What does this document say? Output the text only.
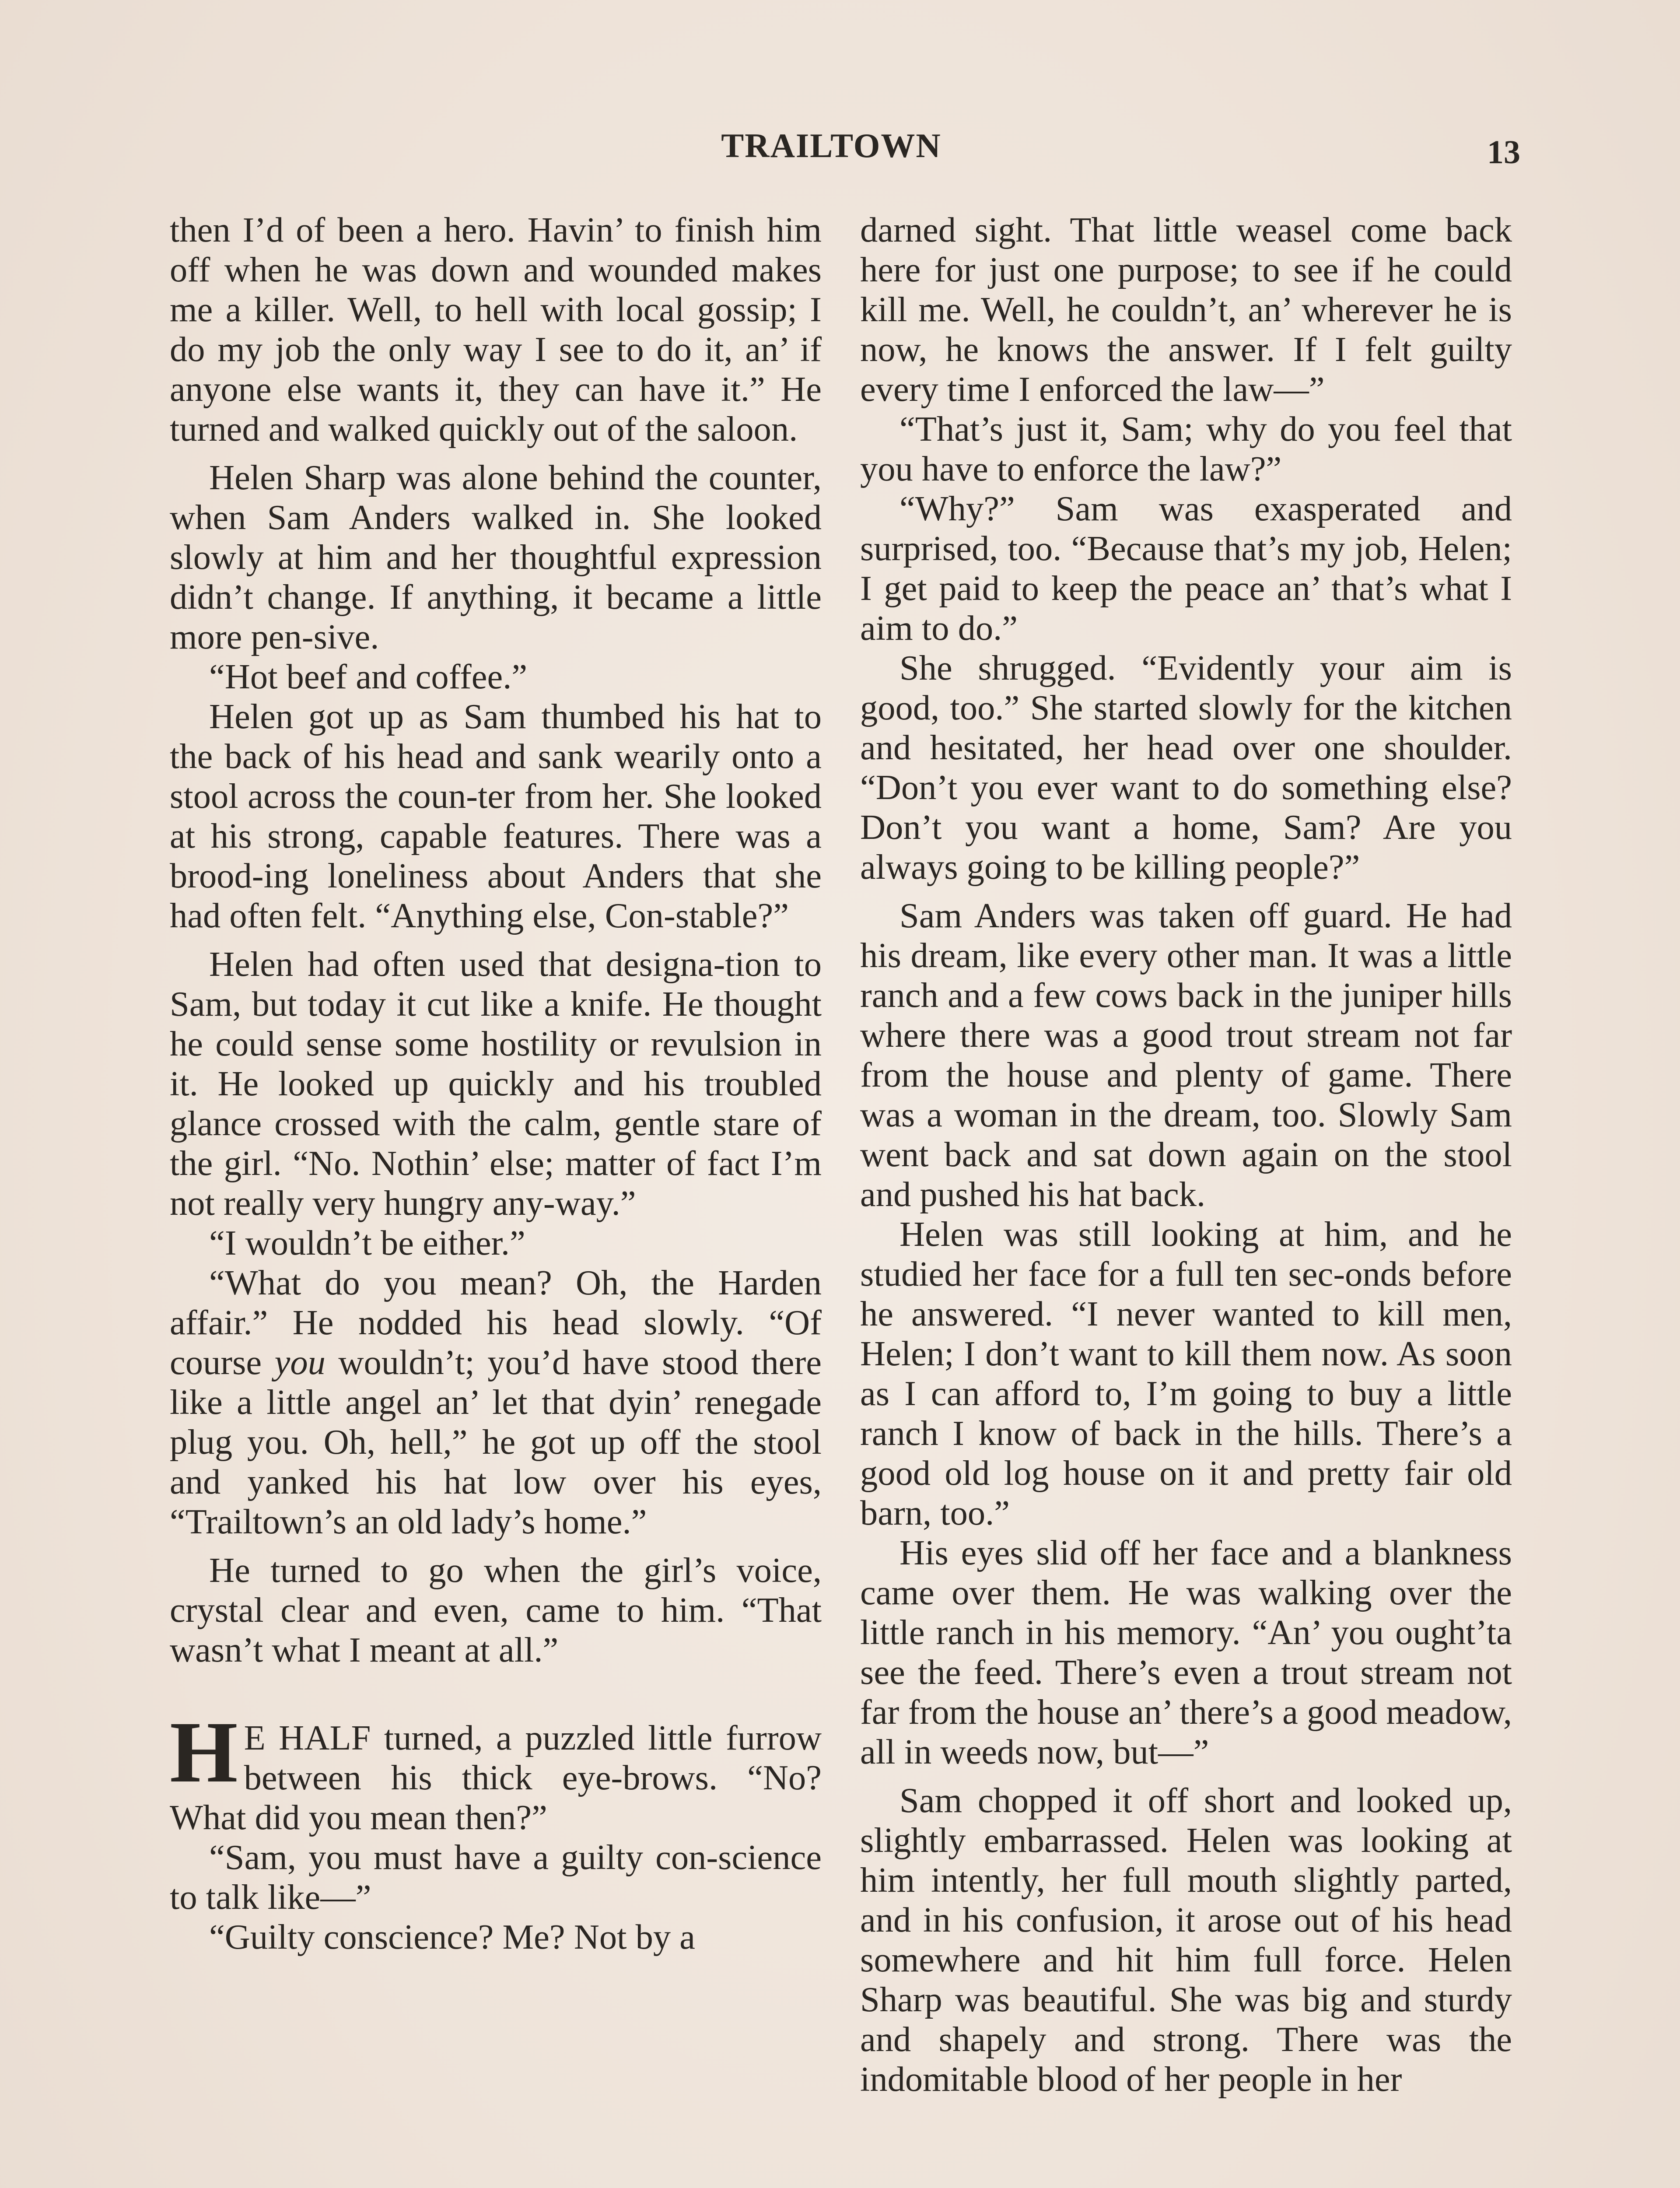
TRAILTOWN	13

then I’d of been a hero. Havin’ to finish him off when he was down and wounded makes me a killer. Well, to hell with local gossip; I do my job the only way I see to do it, an’ if anyone else wants it, they can have it.” He turned and walked quickly out of the saloon.

Helen Sharp was alone behind the counter, when Sam Anders walked in. She looked slowly at him and her thoughtful expression didn’t change. If anything, it became a little more pen-sive.

“Hot beef and coffee.”

Helen got up as Sam thumbed his hat to the back of his head and sank wearily onto a stool across the coun-ter from her. She looked at his strong, capable features. There was a brood-ing loneliness about Anders that she had often felt. “Anything else, Con-stable?”

Helen had often used that designa-tion to Sam, but today it cut like a knife. He thought he could sense some hostility or revulsion in it. He looked up quickly and his troubled glance crossed with the calm, gentle stare of the girl. “No. Nothin’ else; matter of fact I’m not really very hungry any-way.”

“I wouldn’t be either.”

“What do you mean? Oh, the Harden affair.” He nodded his head slowly. “Of course you wouldn’t; you’d have stood there like a little angel an’ let that dyin’ renegade plug you. Oh, hell,” he got up off the stool and yanked his hat low over his eyes, “Trailtown’s an old lady’s home.”

He turned to go when the girl’s voice, crystal clear and even, came to him. “That wasn’t what I meant at all.”

H E HALF turned, a puzzled little furrow between his thick eye-brows. “No? What did you mean then?”

“Sam, you must have a guilty con-science to talk like—”

“Guilty conscience? Me? Not by a

darned sight. That little weasel come back here for just one purpose; to see if he could kill me. Well, he couldn’t, an’ wherever he is now, he knows the answer. If I felt guilty every time I enforced the law—”

“That’s just it, Sam; why do you feel that you have to enforce the law?”

“Why?” Sam was exasperated and surprised, too. “Because that’s my job, Helen; I get paid to keep the peace an’ that’s what I aim to do.”

She shrugged. “Evidently your aim is good, too.” She started slowly for the kitchen and hesitated, her head over one shoulder. “Don’t you ever want to do something else? Don’t you want a home, Sam? Are you always going to be killing people?”

Sam Anders was taken off guard. He had his dream, like every other man. It was a little ranch and a few cows back in the juniper hills where there was a good trout stream not far from the house and plenty of game. There was a woman in the dream, too. Slowly Sam went back and sat down again on the stool and pushed his hat back.

Helen was still looking at him, and he studied her face for a full ten sec-onds before he answered. “I never wanted to kill men, Helen; I don’t want to kill them now. As soon as I can afford to, I’m going to buy a little ranch I know of back in the hills. There’s a good old log house on it and pretty fair old barn, too.”

His eyes slid off her face and a blankness came over them. He was walking over the little ranch in his memory. “An’ you ought’ta see the feed. There’s even a trout stream not far from the house an’ there’s a good meadow, all in weeds now, but—”

Sam chopped it off short and looked up, slightly embarrassed. Helen was looking at him intently, her full mouth slightly parted, and in his confusion, it arose out of his head somewhere and hit him full force. Helen Sharp was beautiful. She was big and sturdy and shapely and strong. There was the indomitable blood of her people in her
